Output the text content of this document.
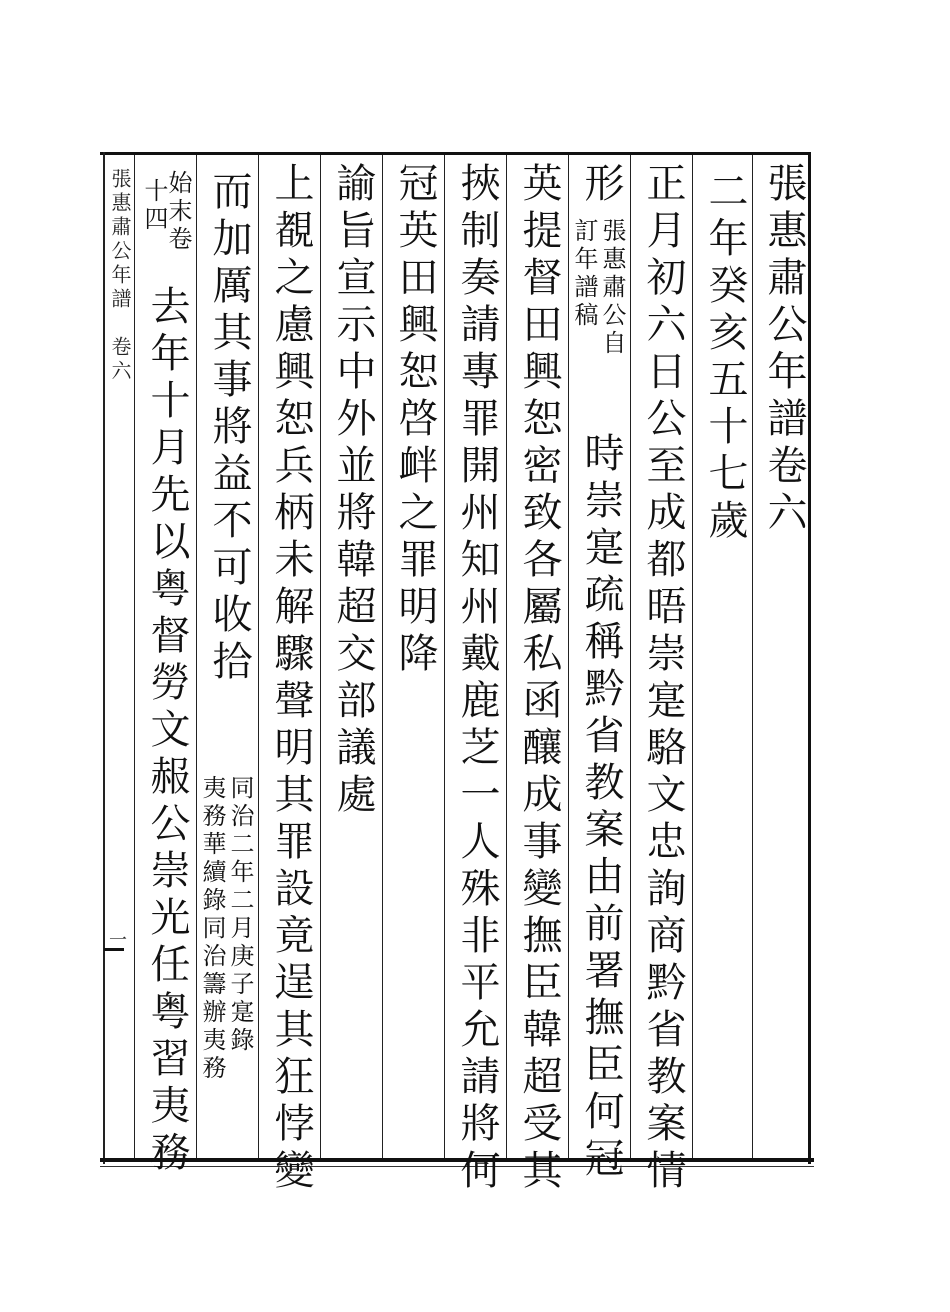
張惠肅公年譜卷六
二年癸亥五十七歲
正月初六日公至成都晤崇寔駱文忠詢商黔省教案情
形
張惠肅公自
訂年譜稿
時崇寔疏稱黔省教案由前署撫臣何冠
英提督田興恕密致各屬私函釀成事變撫臣韓超受其
挾制奏請專罪開州知州戴鹿芝一人殊非平允請將何
冠英田興恕啓衅之罪明降
諭旨宣示中外並將韓超交部議處
上覩之慮興恕兵柄未解驟聲明其罪設竟逞其狂悖變
而加厲其事將益不可收拾
同治二年二月庚子寔錄
夷務華續錄同治籌辦夷務
始末卷
十四
去年十月先以粤督勞文赧公崇光任粤習夷務
張惠肅公年譜　卷六
一
